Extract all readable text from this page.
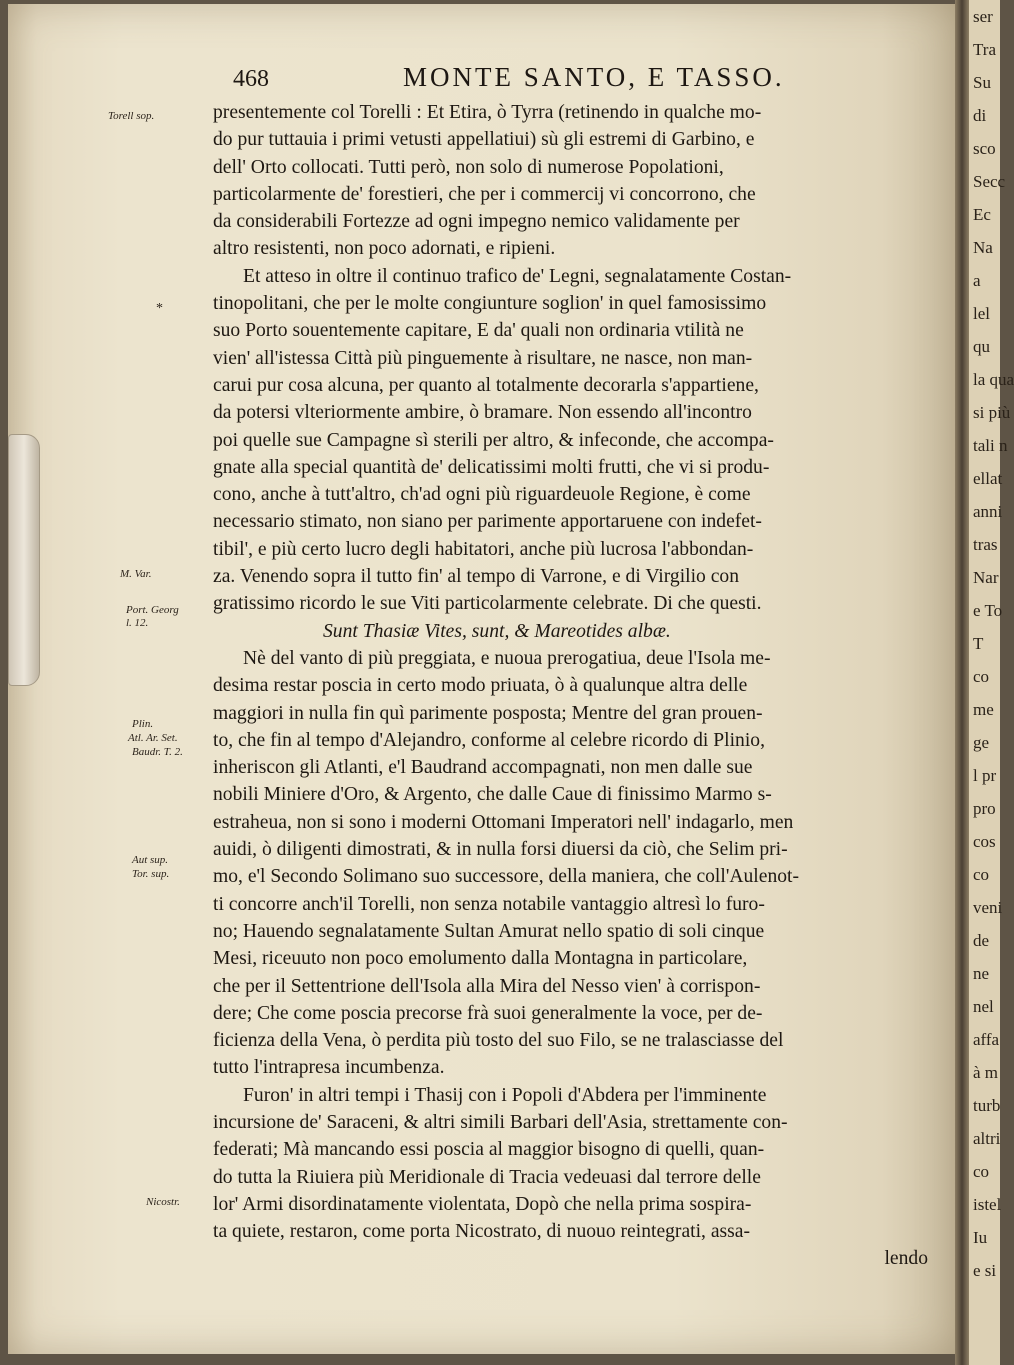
468	MONTE SANTO, E TASSO.
Torell sop.
*
M. Var.
Port. Georg
l. 12.
Plin.
Atl. Ar. Set.
Baudr. T. 2.
Aut sup.
Tor. sup.
Nicostr.
presentemente col Torelli : Et Etira, ò Tyrra (retinendo in qualche mo-
do pur tuttauia i primi vetusti appellatiui) sù gli estremi di Garbino, e
dell' Orto collocati. Tutti però, non solo di numerose Popolationi,
particolarmente de' forestieri, che per i commercij vi concorrono, che
da considerabili Fortezze ad ogni impegno nemico validamente per
altro resistenti, non poco adornati, e ripieni.
Et atteso in oltre il continuo trafico de' Legni, segnalatamente Costan-
tinopolitani, che per le molte congiunture soglion' in quel famosissimo
suo Porto souentemente capitare, E da' quali non ordinaria vtilità ne
vien' all'istessa Città più pinguemente à risultare, ne nasce, non man-
carui pur cosa alcuna, per quanto al totalmente decorarla s'appartiene,
da potersi vlteriormente ambire, ò bramare. Non essendo all'incontro
poi quelle sue Campagne sì sterili per altro, & infeconde, che accompa-
gnate alla special quantità de' delicatissimi molti frutti, che vi si produ-
cono, anche à tutt'altro, ch'ad ogni più riguardeuole Regione, è come
necessario stimato, non siano per parimente apportaruene con indefet-
tibil', e più certo lucro degli habitatori, anche più lucrosa l'abbondan-
za. Venendo sopra il tutto fin' al tempo di Varrone, e di Virgilio con
gratissimo ricordo le sue Viti particolarmente celebrate. Di che questi.
Sunt Thasiæ Vites, sunt, & Mareotides albæ.
Nè del vanto di più preggiata, e nuoua prerogatiua, deue l'Isola me-
desima restar poscia in certo modo priuata, ò à qualunque altra delle
maggiori in nulla fin quì parimente posposta; Mentre del gran prouen-
to, che fin al tempo d'Alejandro, conforme al celebre ricordo di Plinio,
inheriscon gli Atlanti, e'l Baudrand accompagnati, non men dalle sue
nobili Miniere d'Oro, & Argento, che dalle Caue di finissimo Marmo s-
estraheua, non si sono i moderni Ottomani Imperatori nell' indagarlo, men
auidi, ò diligenti dimostrati, & in nulla forsi diuersi da ciò, che Selim pri-
mo, e'l Secondo Solimano suo successore, della maniera, che coll'Aulenot-
ti concorre anch'il Torelli, non senza notabile vantaggio altresì lo furo-
no; Hauendo segnalatamente Sultan Amurat nello spatio di soli cinque
Mesi, riceuuto non poco emolumento dalla Montagna in particolare,
che per il Settentrione dell'Isola alla Mira del Nesso vien' à corrispon-
dere; Che come poscia precorse frà suoi generalmente la voce, per de-
ficienza della Vena, ò perdita più tosto del suo Filo, se ne tralasciasse del
tutto l'intrapresa incumbenza.
Furon' in altri tempi i Thasij con i Popoli d'Abdera per l'imminente
incursione de' Saraceni, & altri simili Barbari dell'Asia, strettamente con-
federati; Mà mancando essi poscia al maggior bisogno di quelli, quan-
do tutta la Riuiera più Meridionale di Tracia vedeuasi dal terrore delle
lor' Armi disordinatamente violentata, Dopò che nella prima sospira-
ta quiete, restaron, come porta Nicostrato, di nuouo reintegrati, assa-
lendo
ser
Tra
Su
di
sco
Secc
Ec
Na
a
lel
qu
la qua
si più
tali n
ellat
anni
tras
Nar
e To
T
co
me
ge
l pr
pro
cos
co
veni
de
ne
nel
affa
à m
turb
altri
co
istel
Iu
e si
